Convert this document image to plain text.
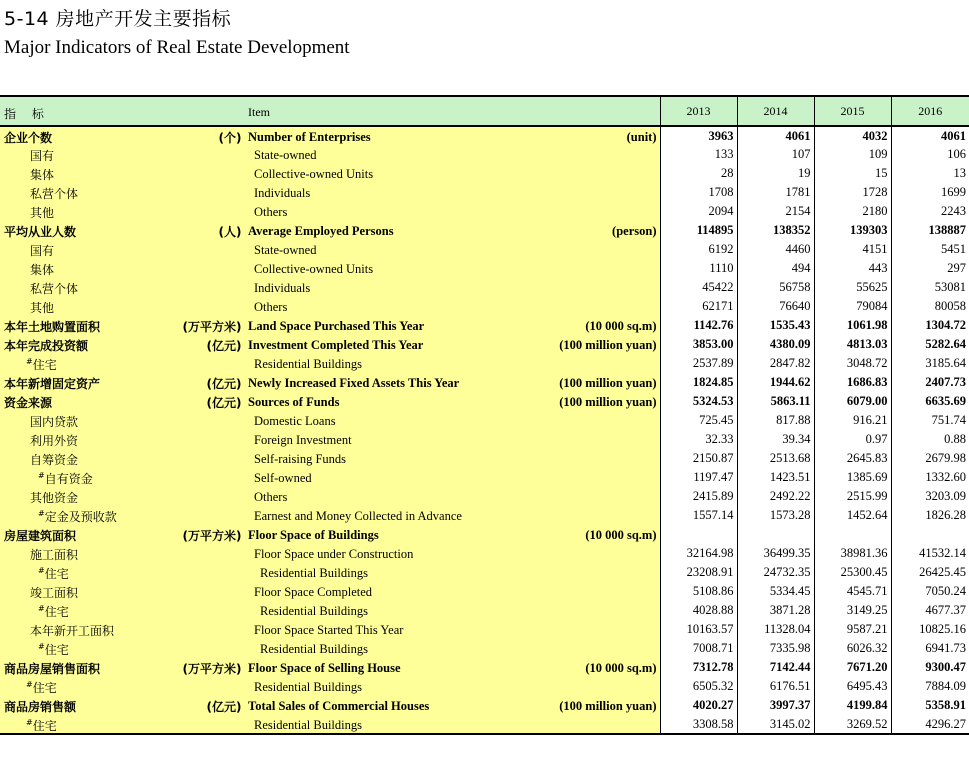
5-14 房地产开发主要指标
Major Indicators of Real Estate Development
指 标 Item	2013	2014	2015	2016

企业个数 (个) Number of Enterprises (unit)	3963	4061	4032	4061

国有 State-owned	133	107	109	106

集体 Collective-owned Units	28	19	15	13

私营个体 Individuals	1708	1781	1728	1699

其他 Others	2094	2154	2180	2243

平均从业人数 (人) Average Employed Persons (person)	114895	138352	139303	138887

国有 State-owned	6192	4460	4151	5451

集体 Collective-owned Units	1110	494	443	297

私营个体 Individuals	45422	56758	55625	53081

其他 Others	62171	76640	79084	80058

本年土地购置面积 (万平方米) Land Space Purchased This Year (10 000 sq.m)	1142.76	1535.43	1061.98	1304.72

本年完成投资额 (亿元) Investment Completed This Year (100 million yuan)	3853.00	4380.09	4813.03	5282.64

#住宅 Residential Buildings	2537.89	2847.82	3048.72	3185.64

本年新增固定资产 (亿元) Newly Increased Fixed Assets This Year (100 million yuan)	1824.85	1944.62	1686.83	2407.73

资金来源 (亿元) Sources of Funds (100 million yuan)	5324.53	5863.11	6079.00	6635.69

国内贷款 Domestic Loans	725.45	817.88	916.21	751.74

利用外资 Foreign Investment	32.33	39.34	0.97	0.88

自筹资金 Self-raising Funds	2150.87	2513.68	2645.83	2679.98

#自有资金 Self-owned	1197.47	1423.51	1385.69	1332.60

其他资金 Others	2415.89	2492.22	2515.99	3203.09

#定金及预收款 Earnest and Money Collected in Advance	1557.14	1573.28	1452.64	1826.28

房屋建筑面积 (万平方米) Floor Space of Buildings (10 000 sq.m)				

施工面积 Floor Space under Construction	32164.98	36499.35	38981.36	41532.14

#住宅 Residential Buildings	23208.91	24732.35	25300.45	26425.45

竣工面积 Floor Space Completed	5108.86	5334.45	4545.71	7050.24

#住宅 Residential Buildings	4028.88	3871.28	3149.25	4677.37

本年新开工面积 Floor Space Started This Year	10163.57	11328.04	9587.21	10825.16

#住宅 Residential Buildings	7008.71	7335.98	6026.32	6941.73

商品房屋销售面积 (万平方米) Floor Space of Selling House (10 000 sq.m)	7312.78	7142.44	7671.20	9300.47

#住宅 Residential Buildings	6505.32	6176.51	6495.43	7884.09

商品房销售额 (亿元) Total Sales of Commercial Houses (100 million yuan)	4020.27	3997.37	4199.84	5358.91

#住宅 Residential Buildings	3308.58	3145.02	3269.52	4296.27
